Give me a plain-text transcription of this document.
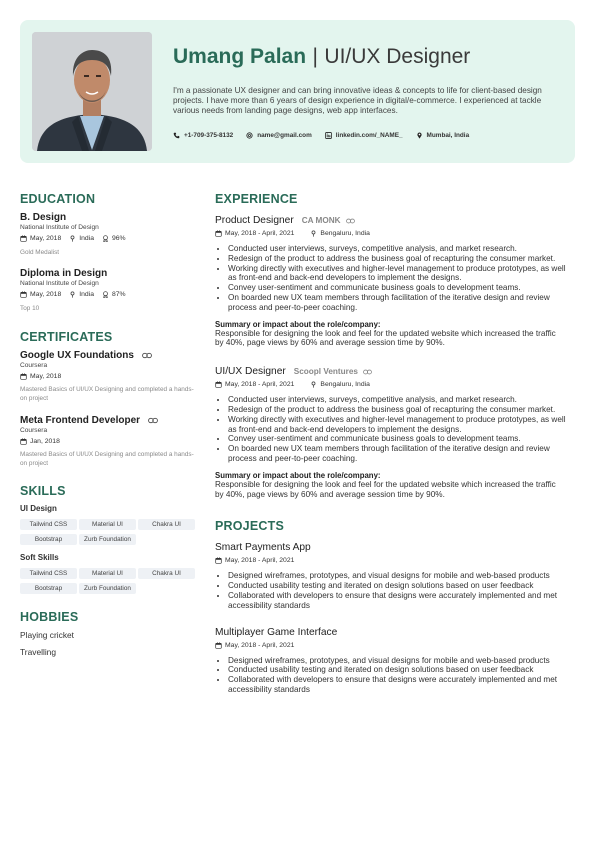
Umang Palan | UI/UX Designer
I'm a passionate UX designer and can bring innovative ideas & concepts to life for client-based design projects. I have more than 6 years of design experience in digital/e-commerce. I experienced at tackle various needs from landing page designs, web app interfaces.
+1-709-375-8132	name@gmail.com	linkedin.com/_NAME_	Mumbai, India
EDUCATION
B. Design
National Institute of Design
May, 2018	India	96%
Gold Medalist
Diploma in Design
National Institute of Design
May, 2018	India	87%
Top 10
CERTIFICATES
Google UX Foundations
Coursera
May, 2018
Mastered Basics of UI/UX Designing and completed a hands-on project
Meta Frontend Developer
Coursera
Jan, 2018
Mastered Basics of UI/UX Designing and completed a hands-on project
SKILLS
UI Design
Tailwind CSS	Material UI	Chakra UI
Bootstrap	Zurb Foundation
Soft Skills
Tailwind CSS	Material UI	Chakra UI
Bootstrap	Zurb Foundation
HOBBIES
Playing cricket
Travelling
EXPERIENCE
Product Designer CA MONK
May, 2018 - April, 2021	Bengaluru, India
• Conducted user interviews, surveys, competitive analysis, and market research.
• Redesign of the product to address the business goal of recapturing the consumer market.
• Working directly with executives and higher-level management to produce prototypes, as well as front-end and back-end developers to implement the designs.
• Convey user-sentiment and communicate business goals to development teams.
• On boarded new UX team members through facilitation of the iterative design and review process and peer-to-peer coaching.
Summary or impact about the role/company:
Responsible for designing the look and feel for the updated website which increased the traffic by 40%, page views by 60% and average session time by 90%.
UI/UX Designer Scoopl Ventures
May, 2018 - April, 2021	Bengaluru, India
• Conducted user interviews, surveys, competitive analysis, and market research.
• Redesign of the product to address the business goal of recapturing the consumer market.
• Working directly with executives and higher-level management to produce prototypes, as well as front-end and back-end developers to implement the designs.
• Convey user-sentiment and communicate business goals to development teams.
• On boarded new UX team members through facilitation of the iterative design and review process and peer-to-peer coaching.
Summary or impact about the role/company:
Responsible for designing the look and feel for the updated website which increased the traffic by 40%, page views by 60% and average session time by 90%.
PROJECTS
Smart Payments App
May, 2018 - April, 2021
• Designed wireframes, prototypes, and visual designs for mobile and web-based products
• Conducted usability testing and iterated on design solutions based on user feedback
• Collaborated with developers to ensure that designs were accurately implemented and met accessibility standards
Multiplayer Game Interface
May, 2018 - April, 2021
• Designed wireframes, prototypes, and visual designs for mobile and web-based products
• Conducted usability testing and iterated on design solutions based on user feedback
• Collaborated with developers to ensure that designs were accurately implemented and met accessibility standards
